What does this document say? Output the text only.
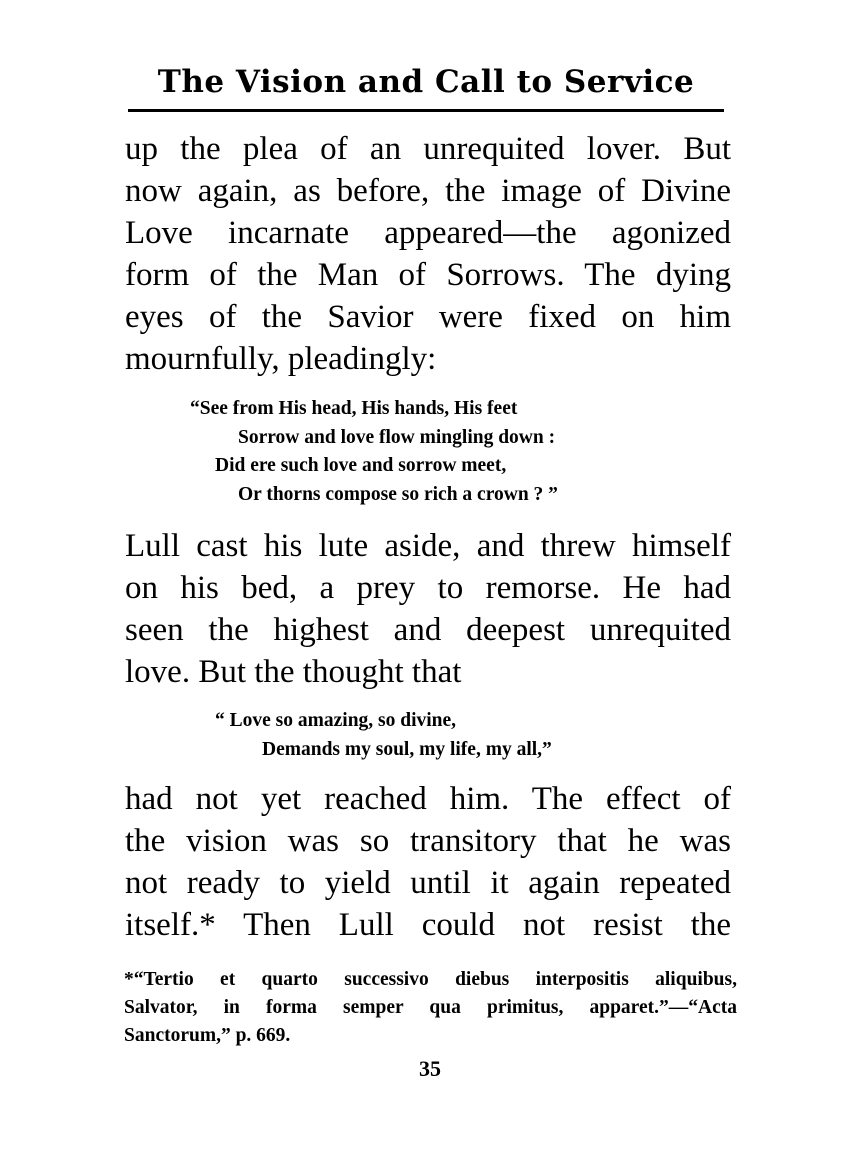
The Vision and Call to Service
up the plea of an unrequited lover. But
now again, as before, the image of Divine
Love incarnate appeared—the agonized
form of the Man of Sorrows. The dying
eyes of the Savior were fixed on him
mournfully, pleadingly:
“See from His head, His hands, His feet
Sorrow and love flow mingling down :
Did ere such love and sorrow meet,
Or thorns compose so rich a crown ? ”
Lull cast his lute aside, and threw himself
on his bed, a prey to remorse. He had
seen the highest and deepest unrequited
love. But the thought that
“ Love so amazing, so divine,
Demands my soul, my life, my all,”
had not yet reached him. The effect of
the vision was so transitory that he was
not ready to yield until it again repeated
itself.* Then Lull could not resist the
*“Tertio et quarto successivo diebus interpositis aliquibus,
Salvator, in forma semper qua primitus, apparet.”—“Acta
Sanctorum,” p. 669.
35
